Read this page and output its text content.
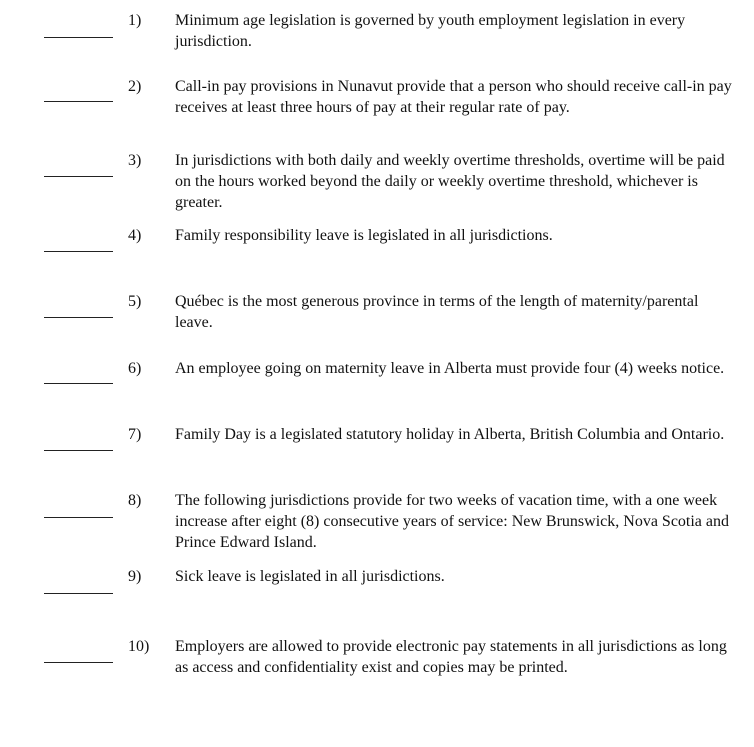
1)	Minimum age legislation is governed by youth employment legislation in every jurisdiction.
2)	Call-in pay provisions in Nunavut provide that a person who should receive call-in pay receives at least three hours of pay at their regular rate of pay.
3)	In jurisdictions with both daily and weekly overtime thresholds, overtime will be paid on the hours worked beyond the daily or weekly overtime threshold, whichever is greater.
4)	Family responsibility leave is legislated in all jurisdictions.
5)	Québec is the most generous province in terms of the length of maternity/parental leave.
6)	An employee going on maternity leave in Alberta must provide four (4) weeks notice.
7)	Family Day is a legislated statutory holiday in Alberta, British Columbia and Ontario.
8)	The following jurisdictions provide for two weeks of vacation time, with a one week increase after eight (8) consecutive years of service: New Brunswick, Nova Scotia and Prince Edward Island.
9)	Sick leave is legislated in all jurisdictions.
10)	Employers are allowed to provide electronic pay statements in all jurisdictions as long as access and confidentiality exist and copies may be printed.
